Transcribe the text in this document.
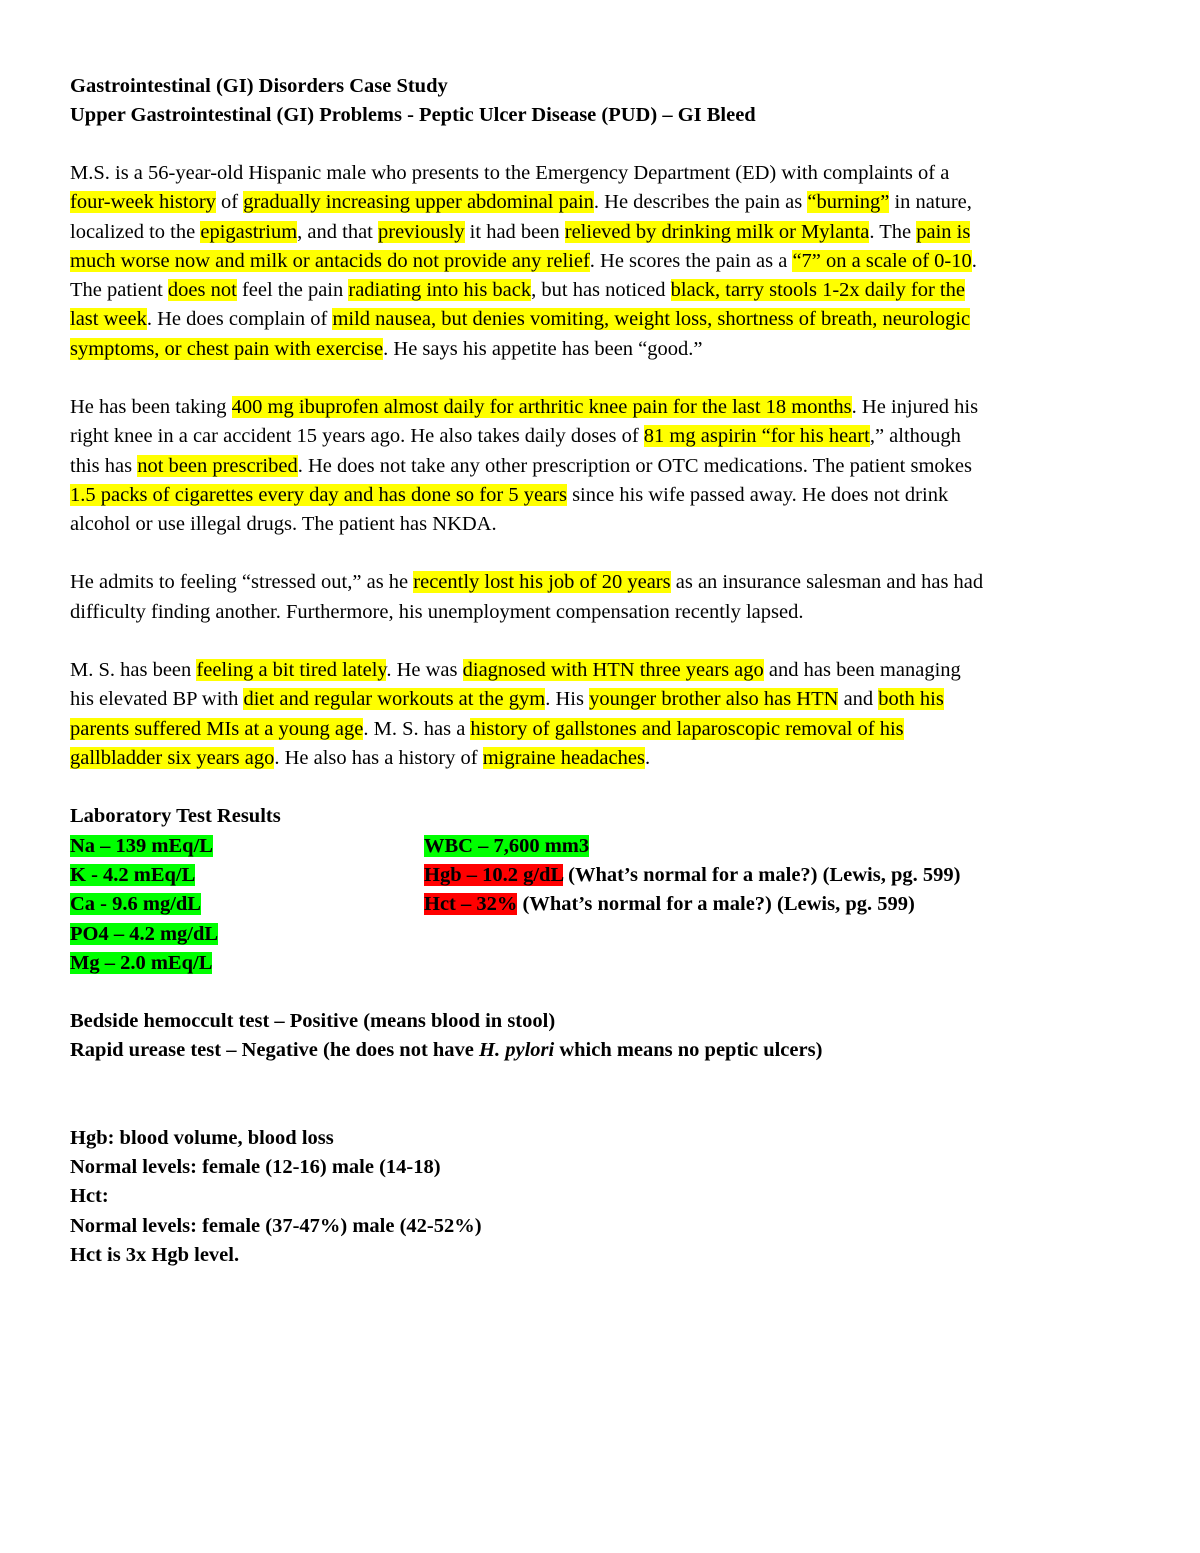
Gastrointestinal (GI) Disorders Case Study
Upper Gastrointestinal (GI) Problems - Peptic Ulcer Disease (PUD) – GI Bleed
M.S. is a 56-year-old Hispanic male who presents to the Emergency Department (ED) with complaints of a
four-week history of gradually increasing upper abdominal pain. He describes the pain as “burning” in nature,
localized to the epigastrium, and that previously it had been relieved by drinking milk or Mylanta. The pain is
much worse now and milk or antacids do not provide any relief. He scores the pain as a “7” on a scale of 0-10.
The patient does not feel the pain radiating into his back, but has noticed black, tarry stools 1-2x daily for the
last week. He does complain of mild nausea, but denies vomiting, weight loss, shortness of breath, neurologic
symptoms, or chest pain with exercise. He says his appetite has been “good.”
He has been taking 400 mg ibuprofen almost daily for arthritic knee pain for the last 18 months. He injured his
right knee in a car accident 15 years ago. He also takes daily doses of 81 mg aspirin “for his heart,” although
this has not been prescribed. He does not take any other prescription or OTC medications. The patient smokes
1.5 packs of cigarettes every day and has done so for 5 years since his wife passed away. He does not drink
alcohol or use illegal drugs. The patient has NKDA.
He admits to feeling “stressed out,” as he recently lost his job of 20 years as an insurance salesman and has had
difficulty finding another. Furthermore, his unemployment compensation recently lapsed.
M. S. has been feeling a bit tired lately. He was diagnosed with HTN three years ago and has been managing
his elevated BP with diet and regular workouts at the gym. His younger brother also has HTN and both his
parents suffered MIs at a young age. M. S. has a history of gallstones and laparoscopic removal of his
gallbladder six years ago. He also has a history of migraine headaches.
Laboratory Test Results
Na – 139 mEq/L
K - 4.2 mEq/L
Ca - 9.6 mg/dL
PO4 – 4.2 mg/dL
Mg – 2.0 mEq/L
WBC – 7,600 mm3
Hgb – 10.2 g/dL (What’s normal for a male?) (Lewis, pg. 599)
Hct – 32% (What’s normal for a male?) (Lewis, pg. 599)
Bedside hemoccult test – Positive (means blood in stool)
Rapid urease test – Negative (he does not have H. pylori which means no peptic ulcers)
Hgb: blood volume, blood loss
Normal levels: female (12-16) male (14-18)
Hct:
Normal levels: female (37-47%) male (42-52%)
Hct is 3x Hgb level.
